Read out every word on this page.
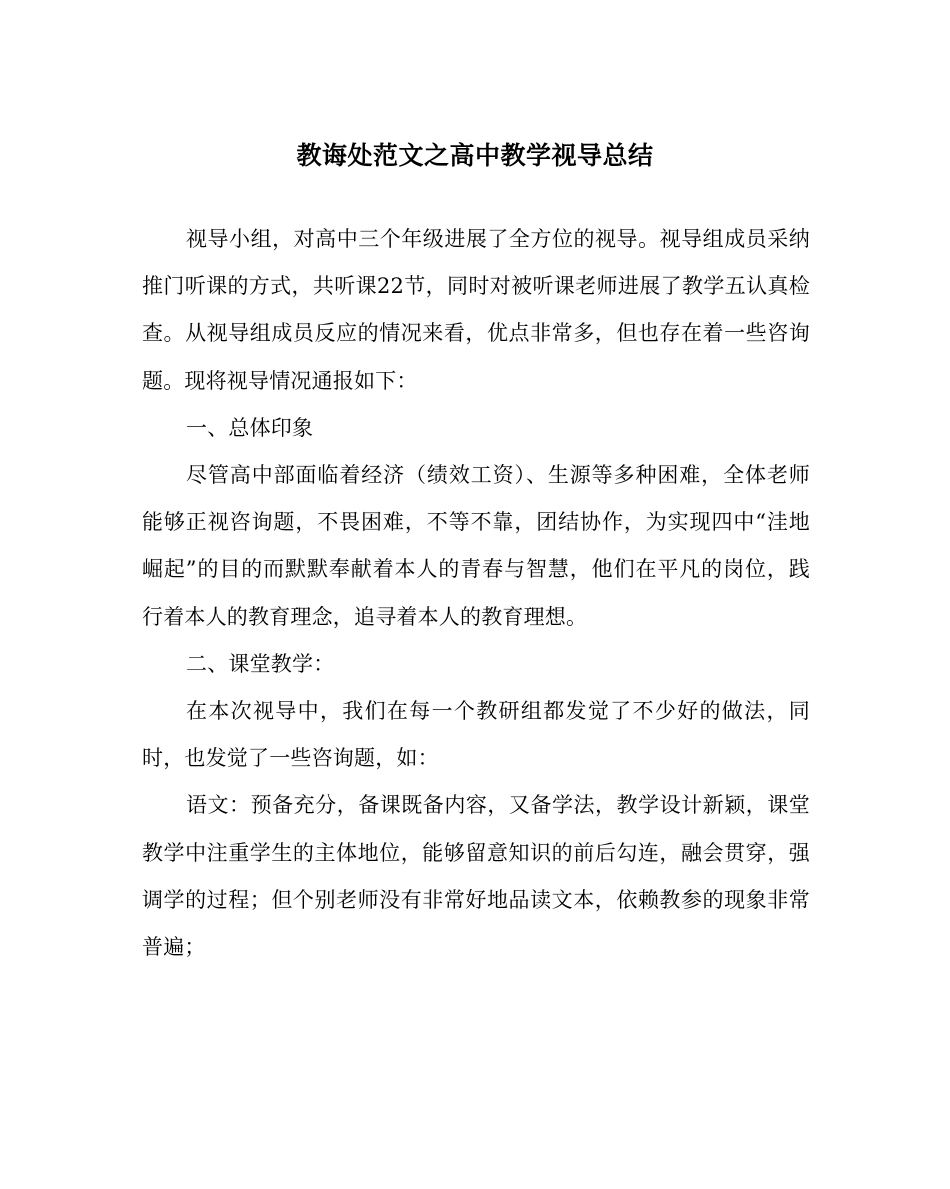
教诲处范文之高中教学视导总结

视导小组，对高中三个年级进展了全方位的视导。视导组成员采纳推门听课的方式，共听课22节，同时对被听课老师进展了教学五认真检查。从视导组成员反应的情况来看，优点非常多，但也存在着一些咨询题。现将视导情况通报如下：

一、总体印象

尽管高中部面临着经济（绩效工资）、生源等多种困难，全体老师能够正视咨询题，不畏困难，不等不靠，团结协作，为实现四中“洼地崛起”的目的而默默奉献着本人的青春与智慧，他们在平凡的岗位，践行着本人的教育理念，追寻着本人的教育理想。

二、课堂教学：

在本次视导中，我们在每一个教研组都发觉了不少好的做法，同时，也发觉了一些咨询题，如：

语文：预备充分，备课既备内容，又备学法，教学设计新颖，课堂教学中注重学生的主体地位，能够留意知识的前后勾连，融会贯穿，强调学的过程；但个别老师没有非常好地品读文本，依赖教参的现象非常普遍；
